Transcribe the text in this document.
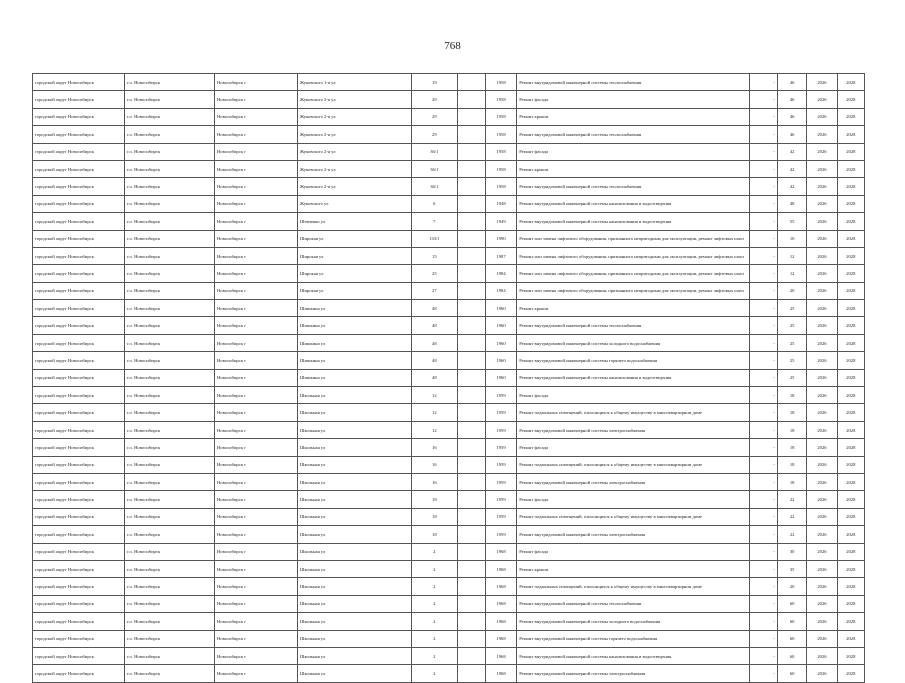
768
городской округ Новосибирск	г.о. Новосибирск	Новосибирск г	Жуковского 1-я ул	19		1958	Ремонт внутридомовой инженерной системы теплоснабжения	-	46	2026	2028
городской округ Новосибирск	г.о. Новосибирск	Новосибирск г	Жуковского 2-я ул	29		1958	Ремонт фасада	-	46	2026	2028
городской округ Новосибирск	г.о. Новосибирск	Новосибирск г	Жуковского 2-я ул	29		1958	Ремонт крыши	-	46	2026	2028
городской округ Новосибирск	г.о. Новосибирск	Новосибирск г	Жуковского 2-я ул	29		1958	Ремонт внутридомовой инженерной системы теплоснабжения	-	46	2026	2028
городской округ Новосибирск	г.о. Новосибирск	Новосибирск г	Жуковского 2-я ул	36/1		1958	Ремонт фасада	-	42	2026	2028
городской округ Новосибирск	г.о. Новосибирск	Новосибирск г	Жуковского 2-я ул	36/1		1958	Ремонт крыши	-	42	2026	2028
городской округ Новосибирск	г.о. Новосибирск	Новосибирск г	Жуковского 2-я ул	36/1		1958	Ремонт внутридомовой инженерной системы теплоснабжения	-	42	2026	2028
городской округ Новосибирск	г.о. Новосибирск	Новосибирск г	Жуковского ул	6		1948	Ремонт внутридомовой инженерной системы канализования и водоотведения	-	48	2026	2028
городской округ Новосибирск	г.о. Новосибирск	Новосибирск г	Шевченко ул	7		1949	Ремонт внутридомовой инженерной системы канализования и водоотведения	-	55	2026	2028
городской округ Новосибирск	г.о. Новосибирск	Новосибирск г	Широкая ул	133/1		1990	Ремонт или замена лифтового оборудования, признанного непригодным для эксплуатации, ремонт лифтовых шахт	-	10	2026	2028
городской округ Новосибирск	г.о. Новосибирск	Новосибирск г	Широкая ул	15		1987	Ремонт или замена лифтового оборудования, признанного непригодным для эксплуатации, ремонт лифтовых шахт	-	12	2026	2028
городской округ Новосибирск	г.о. Новосибирск	Новосибирск г	Широкая ул	25		1984	Ремонт или замена лифтового оборудования, признанного непригодным для эксплуатации, ремонт лифтовых шахт	-	12	2026	2028
городской округ Новосибирск	г.о. Новосибирск	Новосибирск г	Широкая ул	27		1984	Ремонт или замена лифтового оборудования, признанного непригодным для эксплуатации, ремонт лифтовых шахт	-	20	2026	2028
городской округ Новосибирск	г.о. Новосибирск	Новосибирск г	Шишкина ул	48		1960	Ремонт крыши	-	25	2026	2028
городской округ Новосибирск	г.о. Новосибирск	Новосибирск г	Шишкина ул	48		1960	Ремонт внутридомовой инженерной системы теплоснабжения	-	25	2026	2028
городской округ Новосибирск	г.о. Новосибирск	Новосибирск г	Шишкина ул	48		1960	Ремонт внутридомовой инженерной системы холодного водоснабжения	-	25	2026	2028
городской округ Новосибирск	г.о. Новосибирск	Новосибирск г	Шишкина ул	48		1960	Ремонт внутридомовой инженерной системы горячего водоснабжения	-	25	2026	2028
городской округ Новосибирск	г.о. Новосибирск	Новосибирск г	Шишкина ул	48		1960	Ремонт внутридомовой инженерной системы канализования и водоотведения	-	25	2026	2028
городской округ Новосибирск	г.о. Новосибирск	Новосибирск г	Школьная ул	12		1959	Ремонт фасада	-	18	2026	2028
городской округ Новосибирск	г.о. Новосибирск	Новосибирск г	Школьная ул	12		1959	Ремонт подвальных помещений, относящихся к общему имуществу в многоквартирном доме	-	18	2026	2028
городской округ Новосибирск	г.о. Новосибирск	Новосибирск г	Школьная ул	12		1959	Ремонт внутридомовой инженерной системы электроснабжения	-	18	2026	2028
городской округ Новосибирск	г.о. Новосибирск	Новосибирск г	Школьная ул	16		1959	Ремонт фасада	-	18	2026	2028
городской округ Новосибирск	г.о. Новосибирск	Новосибирск г	Школьная ул	16		1959	Ремонт подвальных помещений, относящихся к общему имуществу в многоквартирном доме	-	18	2026	2028
городской округ Новосибирск	г.о. Новосибирск	Новосибирск г	Школьная ул	16		1959	Ремонт внутридомовой инженерной системы электроснабжения	-	18	2026	2028
городской округ Новосибирск	г.о. Новосибирск	Новосибирск г	Школьная ул	18		1959	Ремонт фасада	-	22	2026	2028
городской округ Новосибирск	г.о. Новосибирск	Новосибирск г	Школьная ул	18		1959	Ремонт подвальных помещений, относящихся к общему имуществу в многоквартирном доме	-	22	2026	2028
городской округ Новосибирск	г.о. Новосибирск	Новосибирск г	Школьная ул	18		1959	Ремонт внутридомовой инженерной системы электроснабжения	-	22	2026	2028
городской округ Новосибирск	г.о. Новосибирск	Новосибирск г	Школьная ул	2		1968	Ремонт фасада	-	30	2026	2028
городской округ Новосибирск	г.о. Новосибирск	Новосибирск г	Школьная ул	2		1968	Ремонт крыши	-	35	2026	2028
городской округ Новосибирск	г.о. Новосибирск	Новосибирск г	Школьная ул	2		1968	Ремонт подвальных помещений, относящихся к общему имуществу в многоквартирном доме	-	20	2026	2028
городской округ Новосибирск	г.о. Новосибирск	Новосибирск г	Школьная ул	2		1968	Ремонт внутридомовой инженерной системы теплоснабжения	-	60	2026	2028
городской округ Новосибирск	г.о. Новосибирск	Новосибирск г	Школьная ул	2		1968	Ремонт внутридомовой инженерной системы холодного водоснабжения	-	60	2026	2028
городской округ Новосибирск	г.о. Новосибирск	Новосибирск г	Школьная ул	2		1968	Ремонт внутридомовой инженерной системы горячего водоснабжения	-	60	2026	2028
городской округ Новосибирск	г.о. Новосибирск	Новосибирск г	Школьная ул	2		1968	Ремонт внутридомовой инженерной системы канализования и водоотведения	-	60	2026	2028
городской округ Новосибирск	г.о. Новосибирск	Новосибирск г	Школьная ул	2		1968	Ремонт внутридомовой инженерной системы электроснабжения	-	60	2026	2028
